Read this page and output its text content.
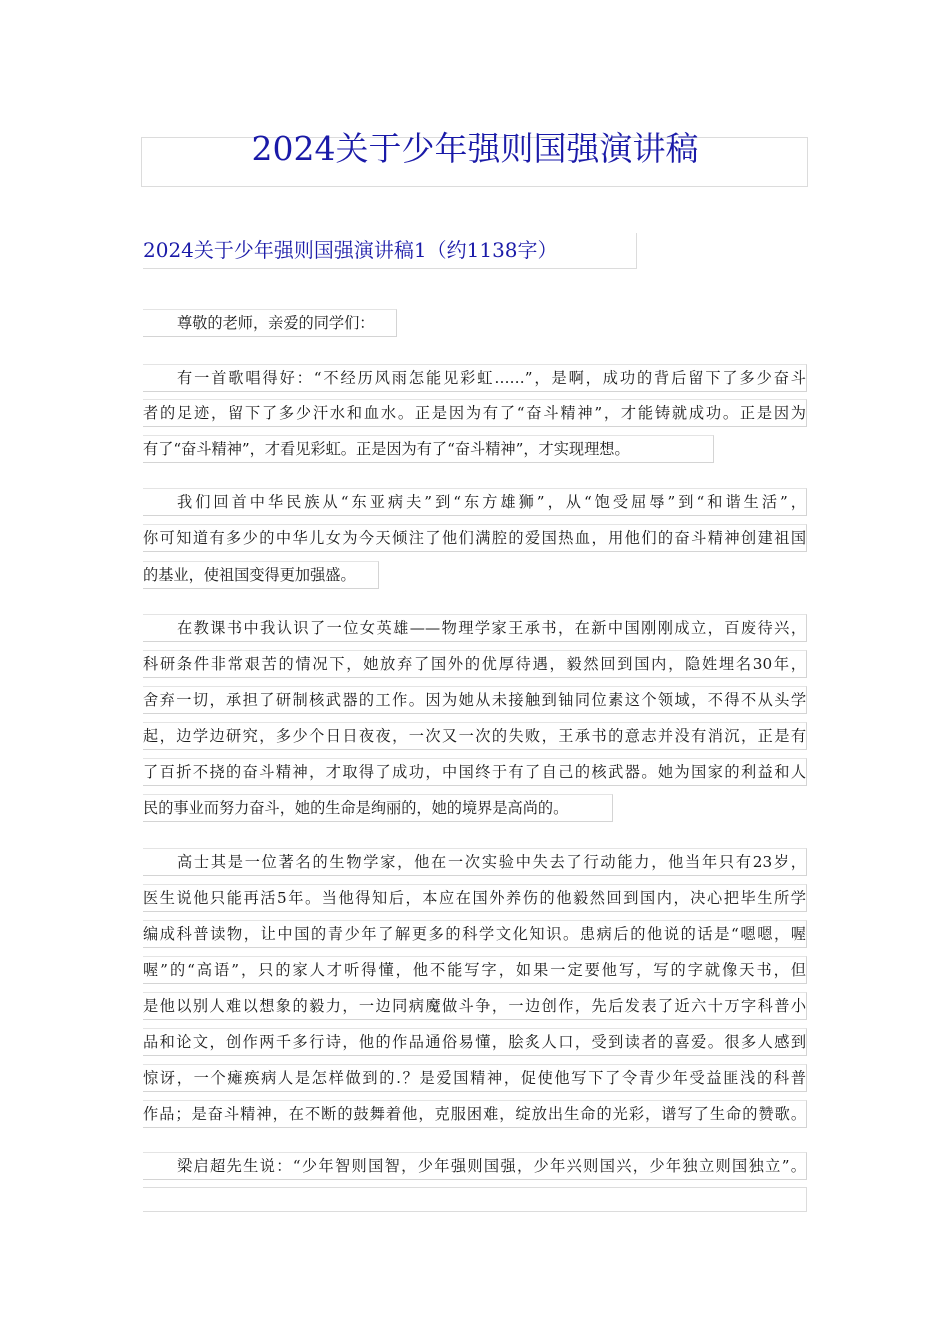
2024关于少年强则国强演讲稿
2024关于少年强则国强演讲稿1（约1138字）
尊敬的老师，亲爱的同学们：
有一首歌唱得好：“不经历风雨怎能见彩虹……”，是啊，成功的背后留下了多少奋斗
者的足迹，留下了多少汗水和血水。正是因为有了“奋斗精神”，才能铸就成功。正是因为
有了“奋斗精神”，才看见彩虹。正是因为有了“奋斗精神”，才实现理想。
我们回首中华民族从“东亚病夫”到“东方雄狮”，从“饱受屈辱”到“和谐生活”，
你可知道有多少的中华儿女为今天倾注了他们满腔的爱国热血，用他们的奋斗精神创建祖国
的基业，使祖国变得更加强盛。
在教课书中我认识了一位女英雄——物理学家王承书，在新中国刚刚成立，百废待兴，
科研条件非常艰苦的情况下，她放弃了国外的优厚待遇，毅然回到国内，隐姓埋名30年，
舍弃一切，承担了研制核武器的工作。因为她从未接触到铀同位素这个领域，不得不从头学
起，边学边研究，多少个日日夜夜，一次又一次的失败，王承书的意志并没有消沉，正是有
了百折不挠的奋斗精神，才取得了成功，中国终于有了自己的核武器。她为国家的利益和人
民的事业而努力奋斗，她的生命是绚丽的，她的境界是高尚的。
高士其是一位著名的生物学家，他在一次实验中失去了行动能力，他当年只有23岁，
医生说他只能再活5年。当他得知后，本应在国外养伤的他毅然回到国内，决心把毕生所学
编成科普读物，让中国的青少年了解更多的科学文化知识。患病后的他说的话是“嗯嗯，喔
喔”的“高语”，只的家人才听得懂，他不能写字，如果一定要他写，写的字就像天书，但
是他以别人难以想象的毅力，一边同病魔做斗争，一边创作，先后发表了近六十万字科普小
品和论文，创作两千多行诗，他的作品通俗易懂，脍炙人口，受到读者的喜爱。很多人感到
惊讶，一个瘫痪病人是怎样做到的.？是爱国精神，促使他写下了令青少年受益匪浅的科普
作品；是奋斗精神，在不断的鼓舞着他，克服困难，绽放出生命的光彩，谱写了生命的赞歌。
梁启超先生说：“少年智则国智，少年强则国强，少年兴则国兴，少年独立则国独立”。
